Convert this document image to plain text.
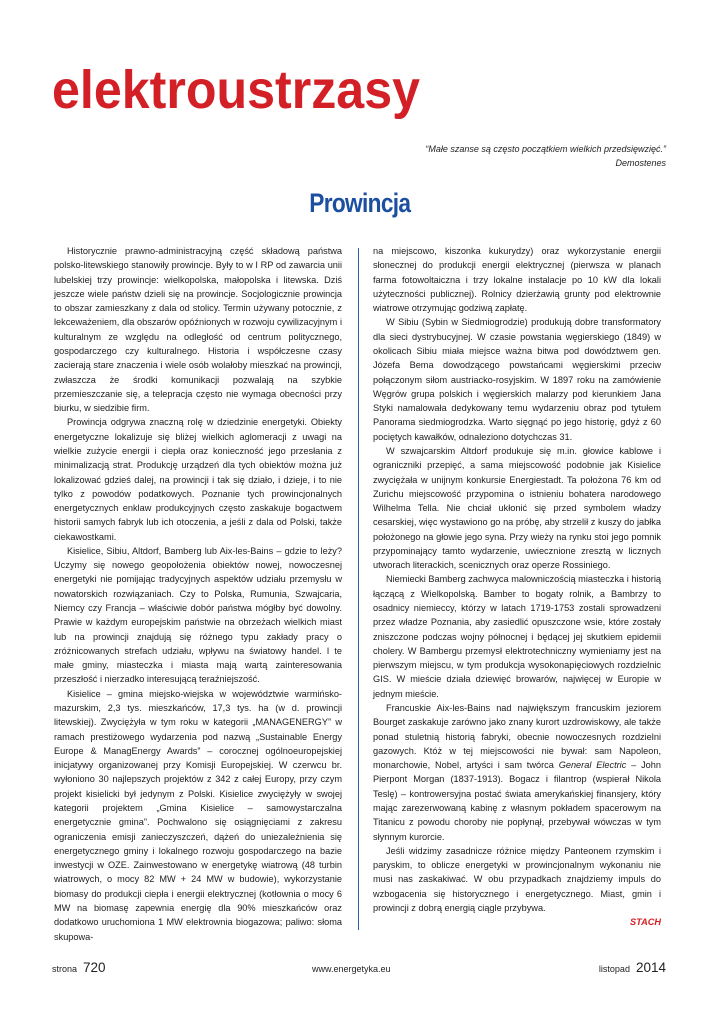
elektroustrzasy
“Małe szanse są często początkiem wielkich przedsięwzięć.”
Demostenes
Prowincja

Historycznie prawno-administracyjną część składową państwa polsko-litewskiego stanowiły prowincje. Były to w I RP od zawarcia unii lubelskiej trzy prowincje: wielkopolska, małopolska i litewska. Dziś jeszcze wiele państw dzieli się na prowincje. Socjologicznie prowincja to obszar zamieszkany z dala od stolicy. Termin używany potocznie, z lekceważeniem, dla obszarów opóźnionych w rozwoju cywilizacyjnym i kulturalnym ze względu na odległość od centrum politycznego, gospodarczego czy kulturalnego. Historia i współczesne czasy zacierają stare znaczenia i wiele osób wolałoby mieszkać na prowincji, zwłaszcza że środki komunikacji pozwalają na szybkie przemieszczanie się, a telepracja często nie wymaga obecności przy biurku, w siedzibie firm.

Prowincja odgrywa znaczną rolę w dziedzinie energetyki. Obiekty energetyczne lokalizuje się bliżej wielkich aglomeracji z uwagi na wielkie zużycie energii i ciepła oraz konieczność jego przesłania z minimalizacją strat. Produkcję urządzeń dla tych obiektów można już lokalizować gdzieś dalej, na prowincji i tak się działo, i dzieje, i to nie tylko z powodów podatkowych. Poznanie tych prowincjonalnych energetycznych enklaw produkcyjnych często zaskakuje bogactwem historii samych fabryk lub ich otoczenia, a jeśli z dala od Polski, także ciekawostkami.

Kisielice, Sibiu, Altdorf, Bamberg lub Aix-les-Bains – gdzie to leży? Uczymy się nowego geopołożenia obiektów nowej, nowoczesnej energetyki nie pomijając tradycyjnych aspektów udziału przemysłu w nowatorskich rozwiązaniach. Czy to Polska, Rumunia, Szwajcaria, Niemcy czy Francja – właściwie dobór państwa mógłby być dowolny. Prawie w każdym europejskim państwie na obrzeżach wielkich miast lub na prowincji znajdują się różnego typu zakłady pracy o zróżnicowanych strefach udziału, wpływu na światowy handel. I te małe gminy, miasteczka i miasta mają wartą zainteresowania przeszłość i nierzadko interesującą teraźniejszość.

Kisielice – gmina miejsko-wiejska w województwie warmińsko-mazurskim, 2,3 tys. mieszkańców, 17,3 tys. ha (w d. prowincji litewskiej). Zwyciężyła w tym roku w kategorii „MANAGENERGY” w ramach prestiżowego wydarzenia pod nazwą „Sustainable Energy Europe & ManagEnergy Awards” – corocznej ogólnoeuropejskiej inicjatywy organizowanej przy Komisji Europejskiej. W czerwcu br. wyłoniono 30 najlepszych projektów z 342 z całej Europy, przy czym projekt kisielicki był jedynym z Polski. Kisielice zwyciężyły w swojej kategorii projektem „Gmina Kisielice – samowystarczalna energetycznie gmina”. Pochwalono się osiągnięciami z zakresu ograniczenia emisji zanieczyszczeń, dążeń do uniezależnienia się energetycznego gminy i lokalnego rozwoju gospodarczego na bazie inwestycji w OZE. Zainwestowano w energetykę wiatrową (48 turbin wiatrowych, o mocy 82 MW + 24 MW w budowie), wykorzystanie biomasy do produkcji ciepła i energii elektrycznej (kotłownia o mocy 6 MW na biomasę zapewnia energię dla 90% mieszkańców oraz dodatkowo uruchomiona 1 MW elektrownia biogazowa; paliwo: słoma skupowa-

na miejscowo, kiszonka kukurydzy) oraz wykorzystanie energii słonecznej do produkcji energii elektrycznej (pierwsza w planach farma fotowoltaiczna i trzy lokalne instalacje po 10 kW dla lokali użyteczności publicznej). Rolnicy dzierżawią grunty pod elektrownie wiatrowe otrzymując godziwą zapłatę.

W Sibiu (Sybin w Siedmiogrodzie) produkują dobre transformatory dla sieci dystrybucyjnej. W czasie powstania węgierskiego (1849) w okolicach Sibiu miała miejsce ważna bitwa pod dowództwem gen. Józefa Bema dowodzącego powstańcami węgierskimi przeciw połączonym siłom austriacko-rosyjskim. W 1897 roku na zamówienie Węgrów grupa polskich i węgierskich malarzy pod kierunkiem Jana Styki namalowała dedykowany temu wydarzeniu obraz pod tytułem Panorama siedmiogrodzka. Warto sięgnąć po jego historię, gdyż z 60 pociętych kawałków, odnaleziono dotychczas 31.

W szwajcarskim Altdorf produkuje się m.in. głowice kablowe i ograniczniki przepięć, a sama miejscowość podobnie jak Kisielice zwyciężała w unijnym konkursie Energiestadt. Ta położona 76 km od Zurichu miejscowość przypomina o istnieniu bohatera narodowego Wilhelma Tella. Nie chciał ukłonić się przed symbolem władzy cesarskiej, więc wystawiono go na próbę, aby strzelił z kuszy do jabłka położonego na głowie jego syna. Przy wieży na rynku stoi jego pomnik przypominający tamto wydarzenie, uwiecznione zresztą w licznych utworach literackich, scenicznych oraz operze Rossiniego.

Niemiecki Bamberg zachwyca malowniczością miasteczka i historią łączącą z Wielkopolską. Bamber to bogaty rolnik, a Bambrzy to osadnicy niemieccy, którzy w latach 1719-1753 zostali sprowadzeni przez władze Poznania, aby zasiedlić opuszczone wsie, które zostały zniszczone podczas wojny północnej i będącej jej skutkiem epidemii cholery. W Bambergu przemysł elektrotechniczny wymieniamy jest na pierwszym miejscu, w tym produkcja wysokonapięciowych rozdzielnic GIS. W mieście działa dziewięć browarów, najwięcej w Europie w jednym mieście.

Francuskie Aix-les-Bains nad największym francuskim jeziorem Bourget zaskakuje zarówno jako znany kurort uzdrowiskowy, ale także ponad stuletnią historią fabryki, obecnie nowoczesnych rozdzielni gazowych. Któż w tej miejscowości nie bywał: sam Napoleon, monarchowie, Nobel, artyści i sam twórca General Electric – John Pierpont Morgan (1837-1913). Bogacz i filantrop (wspierał Nikola Teslę) – kontrowersyjna postać świata amerykańskiej finansjery, który mając zarezerwowaną kabinę z własnym pokładem spacerowym na Titanicu z powodu choroby nie popłynął, przebywał wówczas w tym słynnym kurorcie.

Jeśli widzimy zasadnicze różnice między Panteonem rzymskim i paryskim, to oblicze energetyki w prowincjonalnym wykonaniu nie musi nas zaskakiwać. W obu przypadkach znajdziemy impuls do wzbogacenia się historycznego i energetycznego. Miast, gmin i prowincji z dobrą energią ciągle przybywa.

STACH

strona 720	www.energetyka.eu	listopad 2014
